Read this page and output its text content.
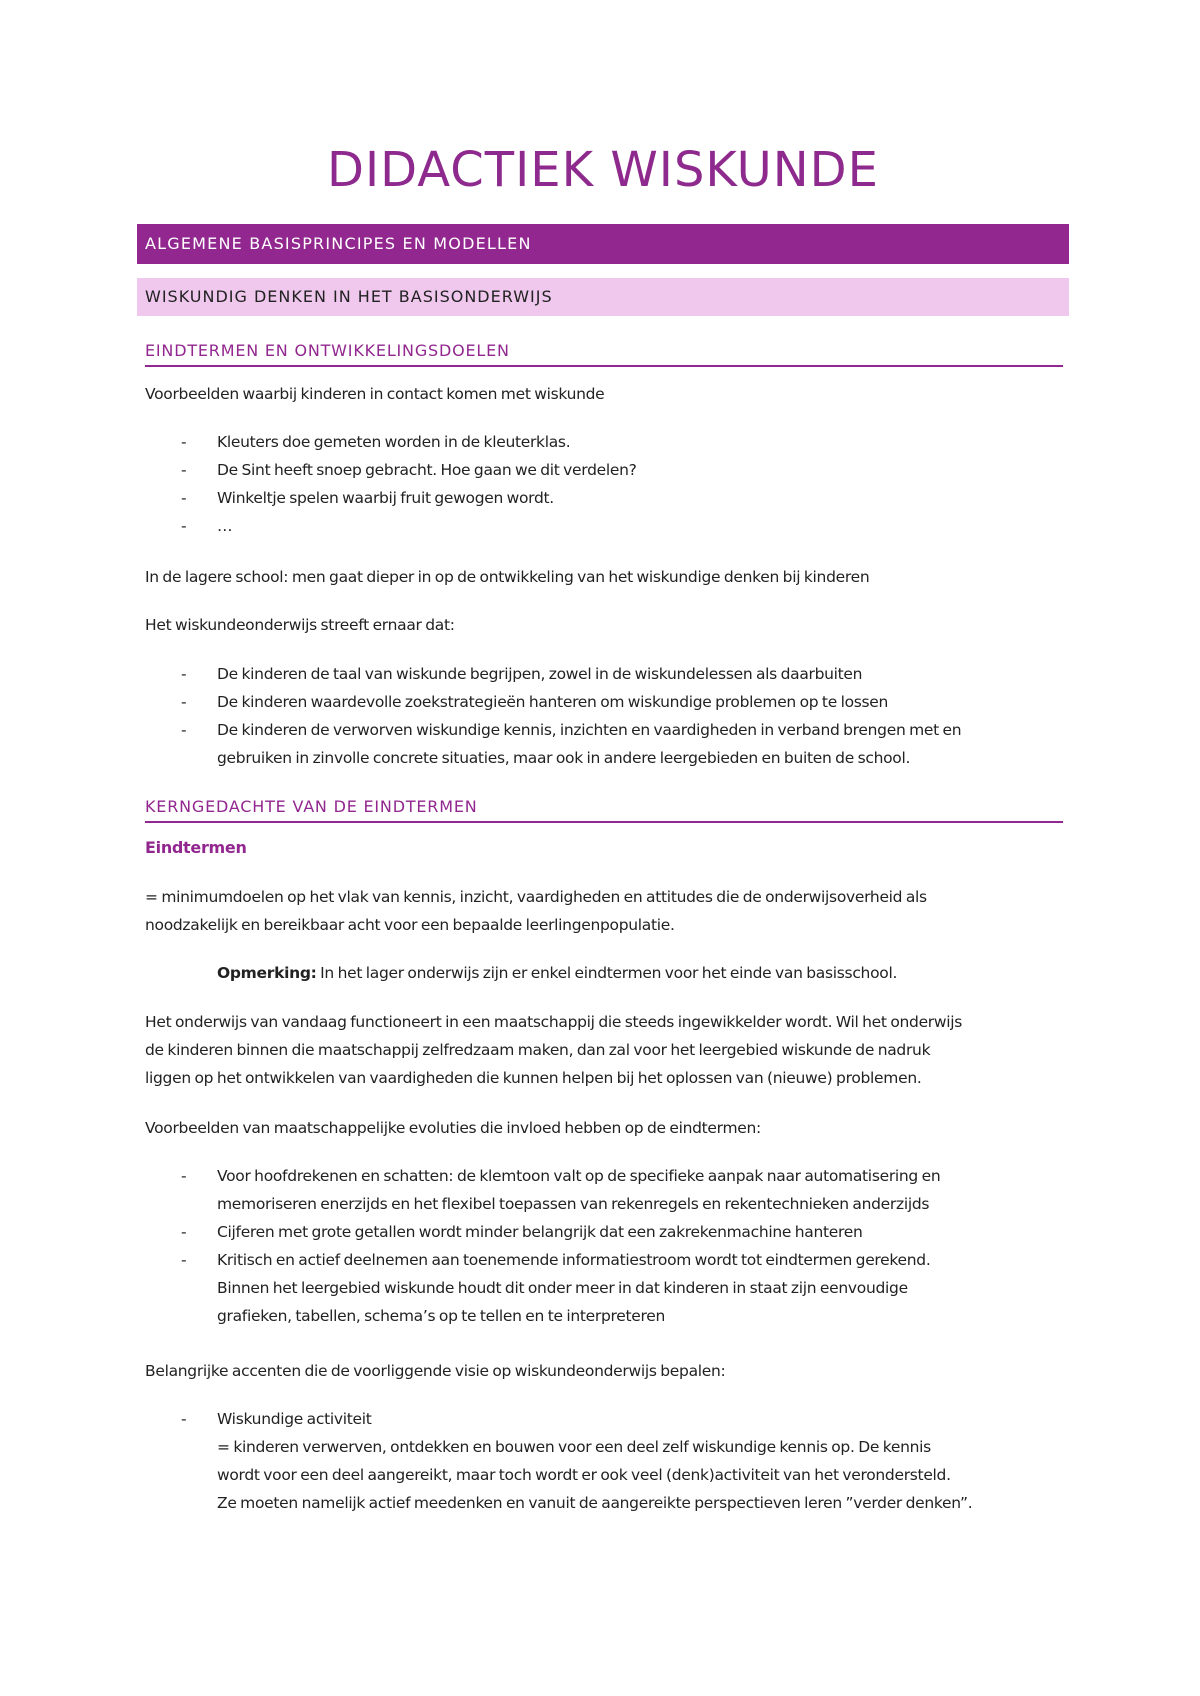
DIDACTIEK WISKUNDE
ALGEMENE BASISPRINCIPES EN MODELLEN
WISKUNDIG DENKEN IN HET BASISONDERWIJS
EINDTERMEN EN ONTWIKKELINGSDOELEN
Voorbeelden waarbij kinderen in contact komen met wiskunde
- Kleuters doe gemeten worden in de kleuterklas.
- De Sint heeft snoep gebracht. Hoe gaan we dit verdelen?
- Winkeltje spelen waarbij fruit gewogen wordt.
- …
In de lagere school: men gaat dieper in op de ontwikkeling van het wiskundige denken bij kinderen
Het wiskundeonderwijs streeft ernaar dat:
- De kinderen de taal van wiskunde begrijpen, zowel in de wiskundelessen als daarbuiten
- De kinderen waardevolle zoekstrategieën hanteren om wiskundige problemen op te lossen
- De kinderen de verworven wiskundige kennis, inzichten en vaardigheden in verband brengen met en
gebruiken in zinvolle concrete situaties, maar ook in andere leergebieden en buiten de school.
KERNGEDACHTE VAN DE EINDTERMEN
Eindtermen
= minimumdoelen op het vlak van kennis, inzicht, vaardigheden en attitudes die de onderwijsoverheid als
noodzakelijk en bereikbaar acht voor een bepaalde leerlingenpopulatie.
Opmerking: In het lager onderwijs zijn er enkel eindtermen voor het einde van basisschool.
Het onderwijs van vandaag functioneert in een maatschappij die steeds ingewikkelder wordt. Wil het onderwijs
de kinderen binnen die maatschappij zelfredzaam maken, dan zal voor het leergebied wiskunde de nadruk
liggen op het ontwikkelen van vaardigheden die kunnen helpen bij het oplossen van (nieuwe) problemen.
Voorbeelden van maatschappelijke evoluties die invloed hebben op de eindtermen:
- Voor hoofdrekenen en schatten: de klemtoon valt op de specifieke aanpak naar automatisering en
memoriseren enerzijds en het flexibel toepassen van rekenregels en rekentechnieken anderzijds
- Cijferen met grote getallen wordt minder belangrijk dat een zakrekenmachine hanteren
- Kritisch en actief deelnemen aan toenemende informatiestroom wordt tot eindtermen gerekend.
Binnen het leergebied wiskunde houdt dit onder meer in dat kinderen in staat zijn eenvoudige
grafieken, tabellen, schema’s op te tellen en te interpreteren
Belangrijke accenten die de voorliggende visie op wiskundeonderwijs bepalen:
- Wiskundige activiteit
= kinderen verwerven, ontdekken en bouwen voor een deel zelf wiskundige kennis op. De kennis
wordt voor een deel aangereikt, maar toch wordt er ook veel (denk)activiteit van het verondersteld.
Ze moeten namelijk actief meedenken en vanuit de aangereikte perspectieven leren ”verder denken”.
